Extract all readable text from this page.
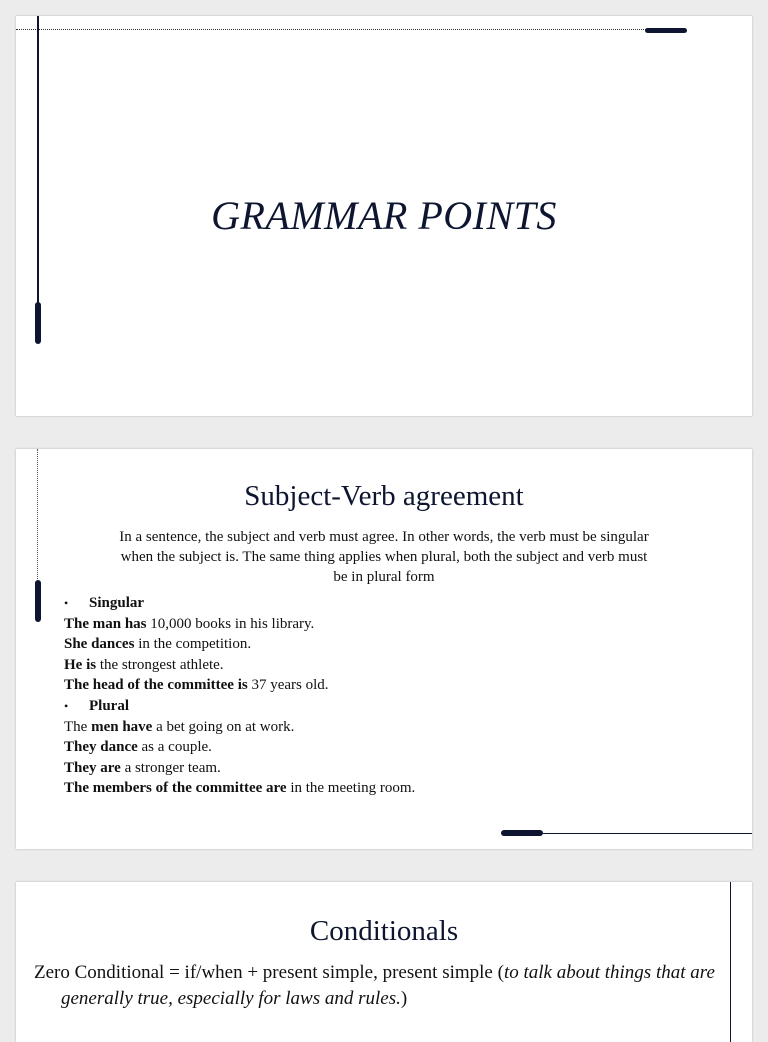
GRAMMAR POINTS
Subject-Verb agreement

In a sentence, the subject and verb must agree. In other words, the verb must be singular when the subject is. The same thing applies when plural, both the subject and verb must be in plural form

• Singular
The man has 10,000 books in his library.
She dances in the competition.
He is the strongest athlete.
The head of the committee is 37 years old.
• Plural
The men have a bet going on at work.
They dance as a couple.
They are a stronger team.
The members of the committee are in the meeting room.
Conditionals

Zero Conditional = if/when + present simple, present simple (to talk about things that are generally true, especially for laws and rules.)
